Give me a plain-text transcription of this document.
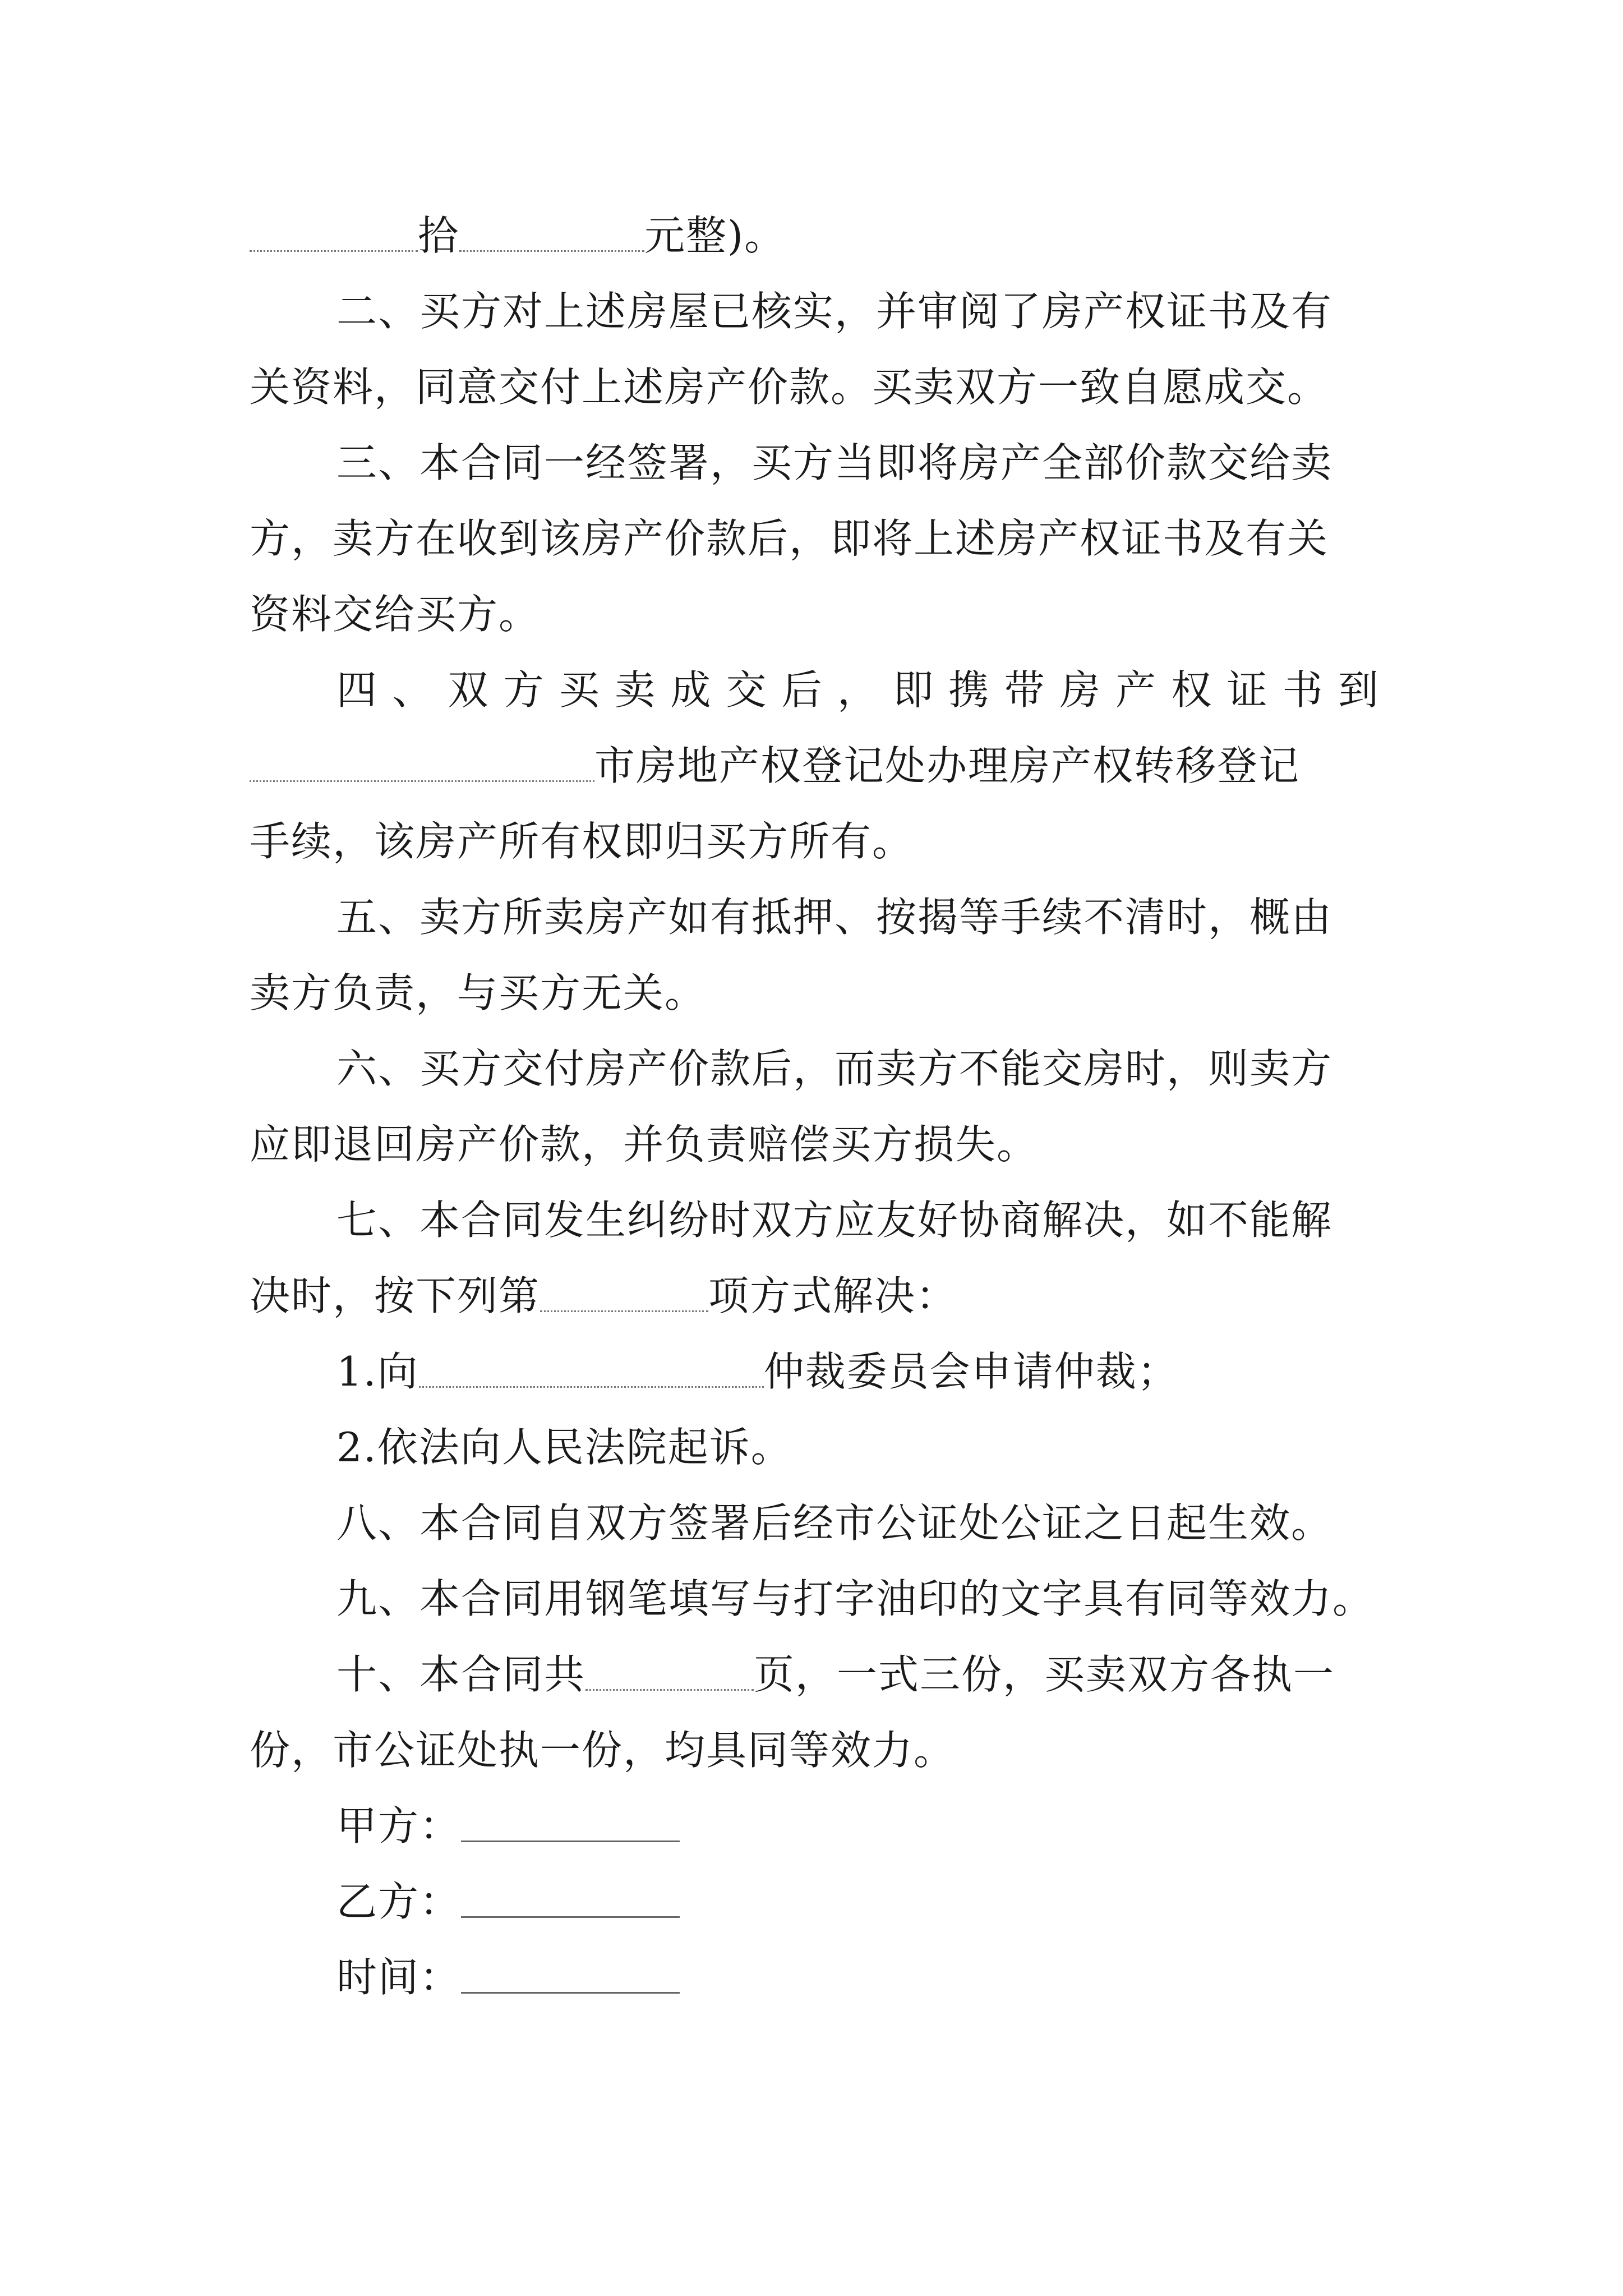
拾	元整)。
二、买方对上述房屋已核实，并审阅了房产权证书及有
关资料，同意交付上述房产价款。买卖双方一致自愿成交。
三、本合同一经签署，买方当即将房产全部价款交给卖
方，卖方在收到该房产价款后，即将上述房产权证书及有关
资料交给买方。
四、双方买卖成交后，即携带房产权证书到
市房地产权登记处办理房产权转移登记
手续，该房产所有权即归买方所有。
五、卖方所卖房产如有抵押、按揭等手续不清时，概由
卖方负责，与买方无关。
六、买方交付房产价款后，而卖方不能交房时，则卖方
应即退回房产价款，并负责赔偿买方损失。
七、本合同发生纠纷时双方应友好协商解决，如不能解
决时，按下列第	项方式解决：
1.向	仲裁委员会申请仲裁；
2.依法向人民法院起诉。
八、本合同自双方签署后经市公证处公证之日起生效。
九、本合同用钢笔填写与打字油印的文字具有同等效力。
十、本合同共	页，一式三份，买卖双方各执一
份，市公证处执一份，均具同等效力。
甲方：
乙方：
时间：
